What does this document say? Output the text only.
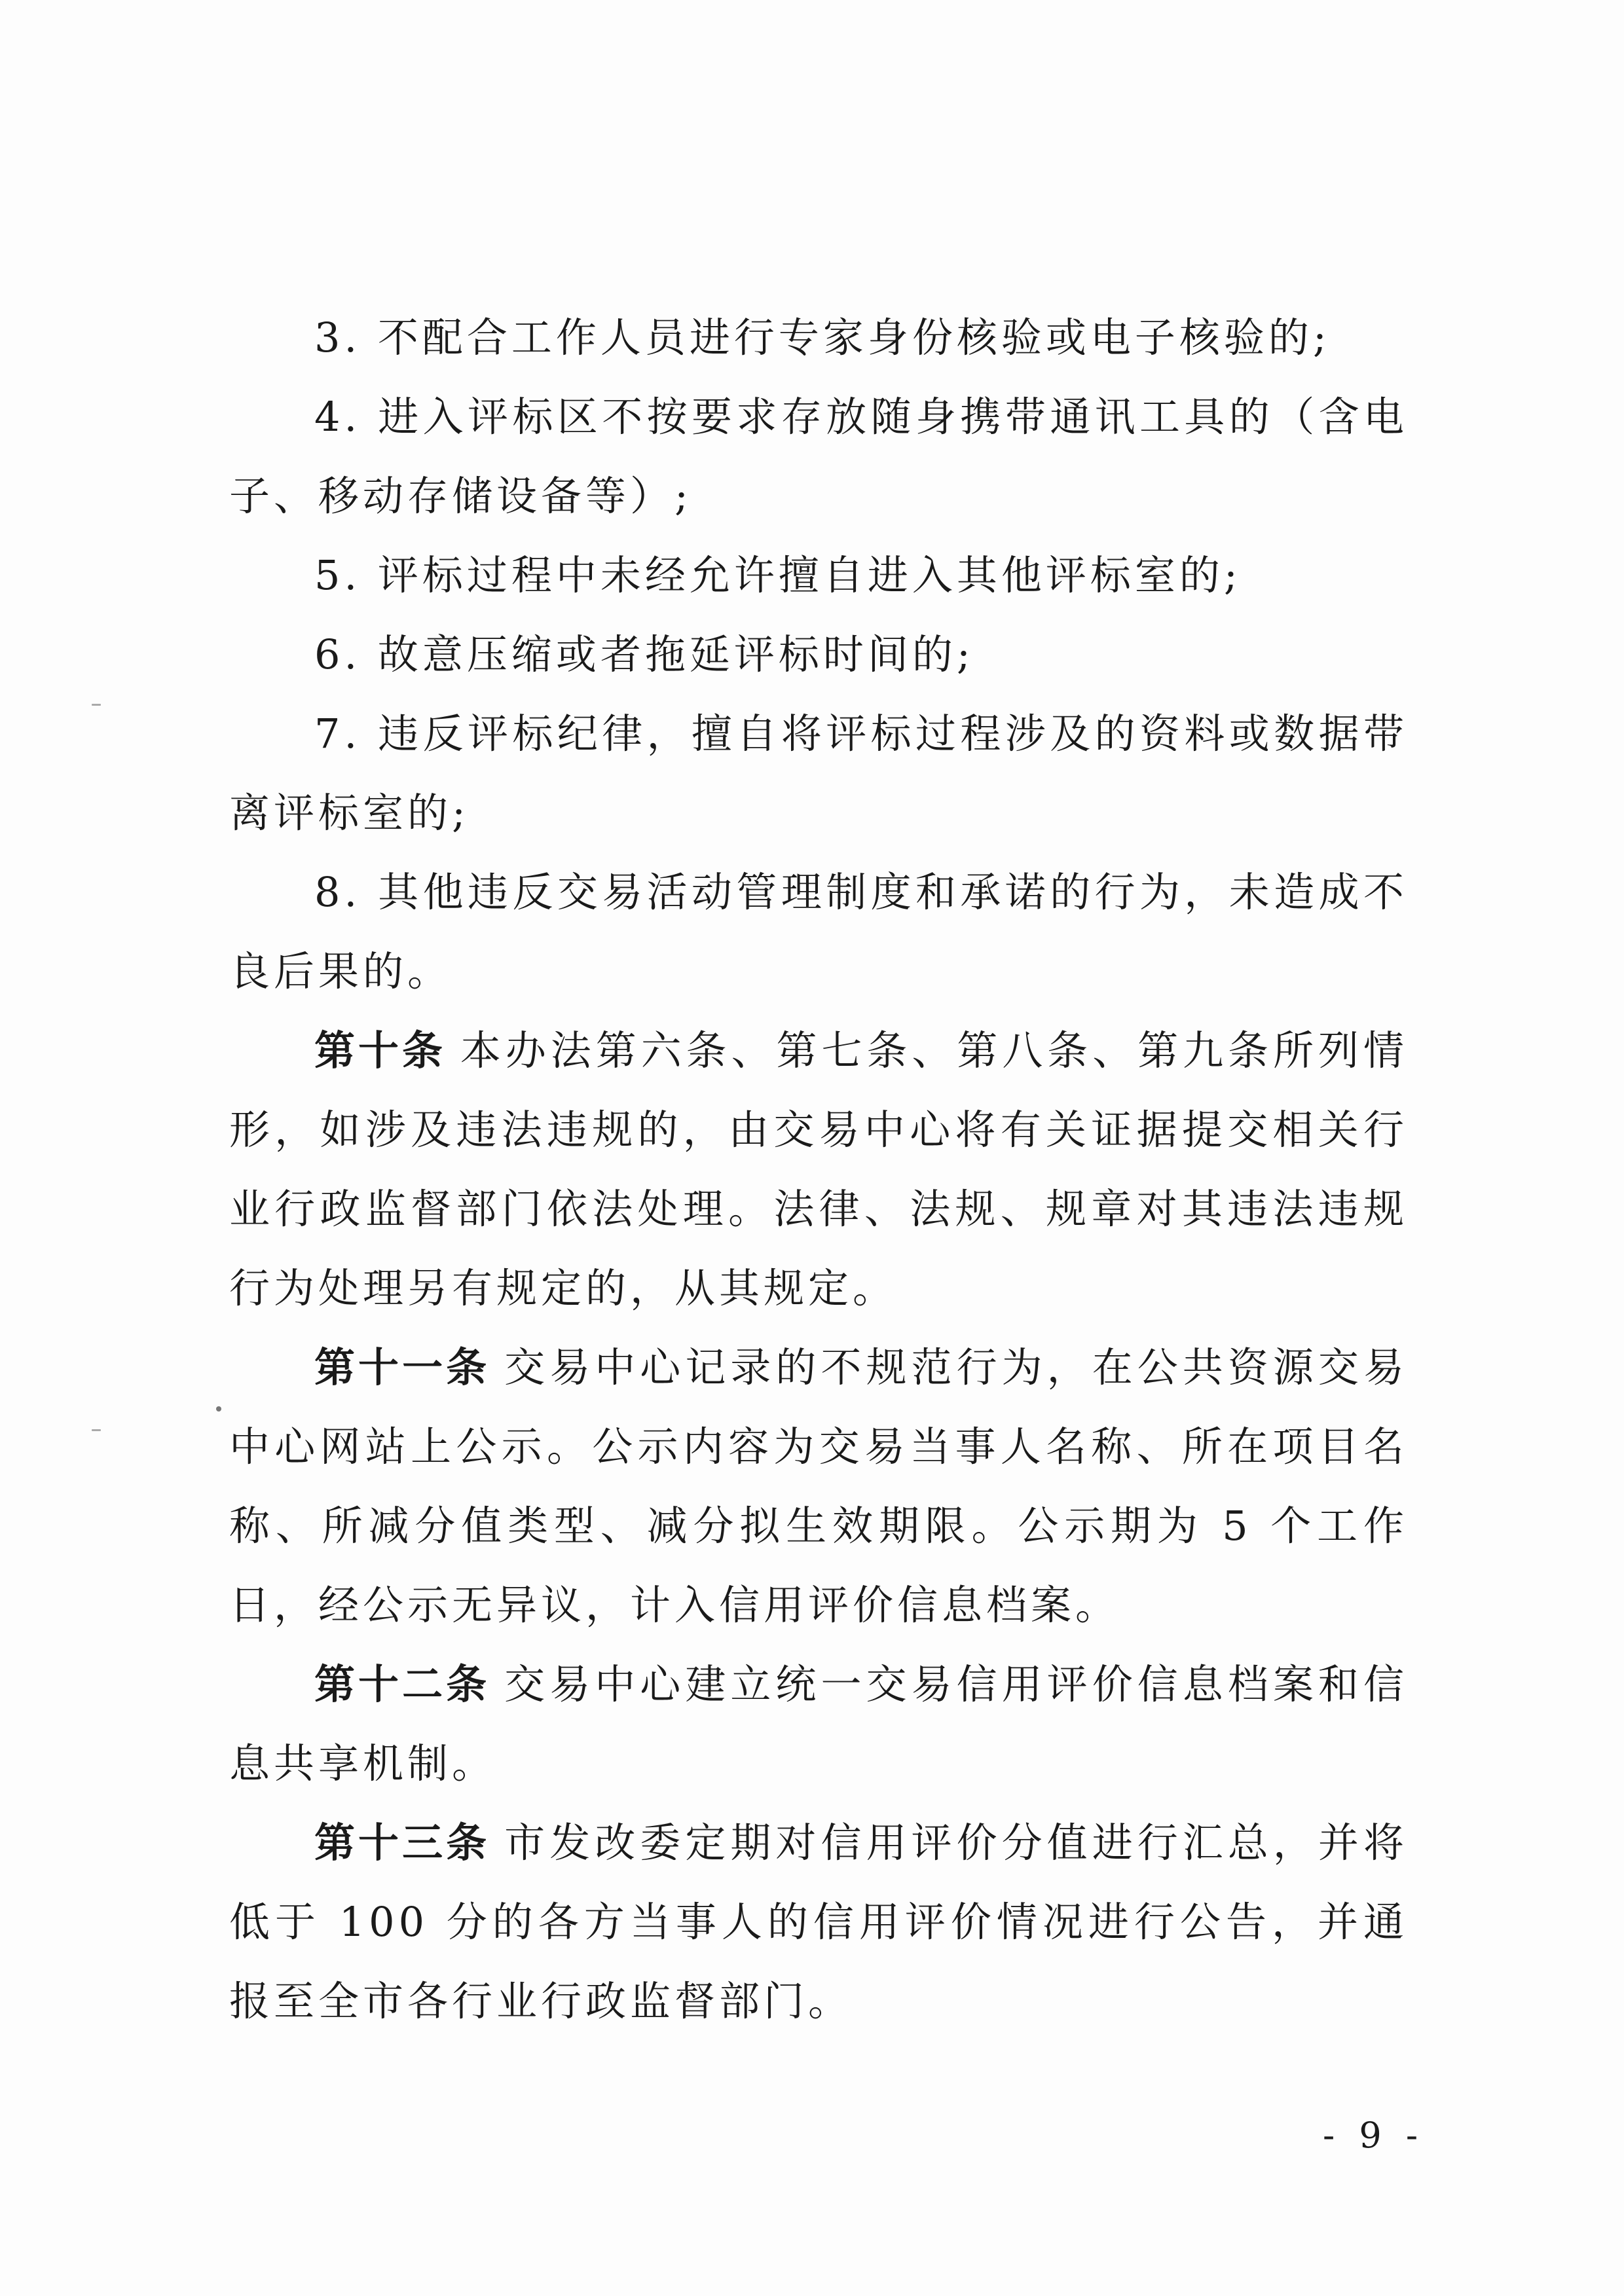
3. 不配合工作人员进行专家身份核验或电子核验的;

4. 进入评标区不按要求存放随身携带通讯工具的（含电子、移动存储设备等）;

5. 评标过程中未经允许擅自进入其他评标室的;

6. 故意压缩或者拖延评标时间的;

7. 违反评标纪律，擅自将评标过程涉及的资料或数据带离评标室的;

8. 其他违反交易活动管理制度和承诺的行为，未造成不良后果的。

第十条 本办法第六条、第七条、第八条、第九条所列情形，如涉及违法违规的，由交易中心将有关证据提交相关行业行政监督部门依法处理。法律、法规、规章对其违法违规行为处理另有规定的，从其规定。

第十一条 交易中心记录的不规范行为，在公共资源交易中心网站上公示。公示内容为交易当事人名称、所在项目名称、所减分值类型、减分拟生效期限。公示期为 5 个工作日，经公示无异议，计入信用评价信息档案。

第十二条 交易中心建立统一交易信用评价信息档案和信息共享机制。

第十三条 市发改委定期对信用评价分值进行汇总，并将低于 100 分的各方当事人的信用评价情况进行公告，并通报至全市各行业行政监督部门。

- 9 -
